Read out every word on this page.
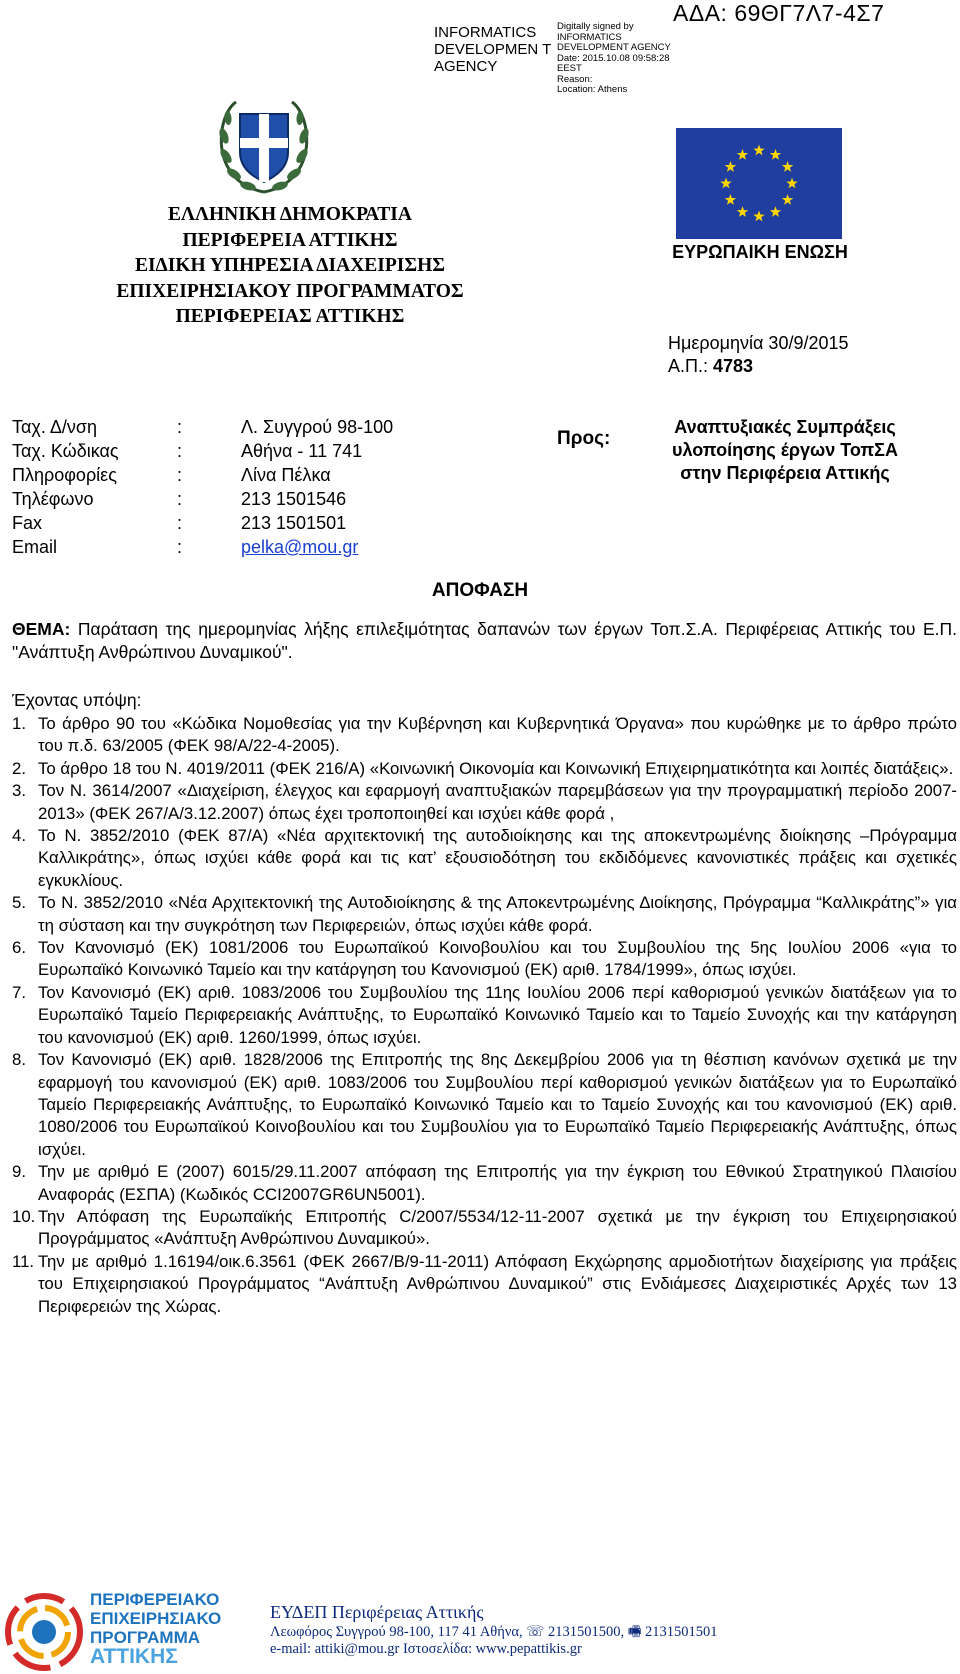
INFORMATICS DEVELOPMEN T AGENCY
Digitally signed by
INFORMATICS
DEVELOPMENT AGENCY
Date: 2015.10.08 09:58:28
EEST
Reason:
Location: Athens
ΑΔΑ: 69ΘΓ7Λ7-4Σ7
ΕΛΛΗΝΙΚΗ ΔΗΜΟΚΡΑΤΙΑ
ΠΕΡΙΦΕΡΕΙΑ ΑΤΤΙΚΗΣ
ΕΙΔΙΚΗ ΥΠΗΡΕΣΙΑ ΔΙΑΧΕΙΡΙΣΗΣ
ΕΠΙΧΕΙΡΗΣΙΑΚΟΥ ΠΡΟΓΡΑΜΜΑΤΟΣ
ΠΕΡΙΦΕΡΕΙΑΣ ΑΤΤΙΚΗΣ
ΕΥΡΩΠΑΙΚΗ ΕΝΩΣΗ
Ημερομηνία 30/9/2015
Α.Π.: 4783
Ταχ. Δ/νση	:	Λ. Συγγρού 98-100
Ταχ. Κώδικας	:	Αθήνα - 11 741
Πληροφορίες	:	Λίνα Πέλκα
Τηλέφωνο	:	213 1501546
Fax	:	213 1501501
Email	:	pelka@mou.gr
Προς:
Αναπτυξιακές Συμπράξεις
υλοποίησης έργων ΤοπΣΑ
στην Περιφέρεια Αττικής
ΑΠΟΦΑΣΗ
ΘΕΜΑ: Παράταση της ημερομηνίας λήξης επιλεξιμότητας δαπανών των έργων Τοπ.Σ.Α. Περιφέρειας Αττικής του Ε.Π. "Ανάπτυξη Ανθρώπινου Δυναμικού".
Έχοντας υπόψη:
1. Το άρθρο 90 του «Κώδικα Νομοθεσίας για την Κυβέρνηση και Κυβερνητικά Όργανα» που κυρώθηκε με το άρθρο πρώτο του π.δ. 63/2005 (ΦΕΚ 98/Α/22-4-2005).
2. Το άρθρο 18 του Ν. 4019/2011 (ΦΕΚ 216/Α) «Κοινωνική Οικονομία και Κοινωνική Επιχειρηματικότητα και λοιπές διατάξεις».
3. Τον Ν. 3614/2007 «Διαχείριση, έλεγχος και εφαρμογή αναπτυξιακών παρεμβάσεων για την προγραμματική περίοδο 2007- 2013» (ΦΕΚ 267/Α/3.12.2007) όπως έχει τροποποιηθεί και ισχύει κάθε φορά ,
4. Το Ν. 3852/2010 (ΦΕΚ 87/Α) «Νέα αρχιτεκτονική της αυτοδιοίκησης και της αποκεντρωμένης διοίκησης –Πρόγραμμα Καλλικράτης», όπως ισχύει κάθε φορά και τις κατ’ εξουσιοδότηση του εκδιδόμενες κανονιστικές πράξεις και σχετικές εγκυκλίους.
5. Το Ν. 3852/2010 «Νέα Αρχιτεκτονική της Αυτοδιοίκησης & της Αποκεντρωμένης Διοίκησης, Πρόγραμμα “Καλλικράτης”» για τη σύσταση και την συγκρότηση των Περιφερειών, όπως ισχύει κάθε φορά.
6. Τον Κανονισμό (ΕΚ) 1081/2006 του Ευρωπαϊκού Κοινοβουλίου και του Συμβουλίου της 5ης Ιουλίου 2006 «για το Ευρωπαϊκό Κοινωνικό Ταμείο και την κατάργηση του Κανονισμού (ΕΚ) αριθ. 1784/1999», όπως ισχύει.
7. Τον Κανονισμό (ΕΚ) αριθ. 1083/2006 του Συμβουλίου της 11ης Ιουλίου 2006 περί καθορισμού γενικών διατάξεων για το Ευρωπαϊκό Ταμείο Περιφερειακής Ανάπτυξης, το Ευρωπαϊκό Κοινωνικό Ταμείο και το Ταμείο Συνοχής και την κατάργηση του κανονισμού (ΕΚ) αριθ. 1260/1999, όπως ισχύει.
8. Τον Κανονισμό (ΕΚ) αριθ. 1828/2006 της Επιτροπής της 8ης Δεκεμβρίου 2006 για τη θέσπιση κανόνων σχετικά με την εφαρμογή του κανονισμού (ΕΚ) αριθ. 1083/2006 του Συμβουλίου περί καθορισμού γενικών διατάξεων για το Ευρωπαϊκό Ταμείο Περιφερειακής Ανάπτυξης, το Ευρωπαϊκό Κοινωνικό Ταμείο και το Ταμείο Συνοχής και του κανονισμού (ΕΚ) αριθ. 1080/2006 του Ευρωπαϊκού Κοινοβουλίου και του Συμβουλίου για το Ευρωπαϊκό Ταμείο Περιφερειακής Ανάπτυξης, όπως ισχύει.
9. Την με αριθμό Ε (2007) 6015/29.11.2007 απόφαση της Επιτροπής για την έγκριση του Εθνικού Στρατηγικού Πλαισίου Αναφοράς (ΕΣΠΑ) (Κωδικός CCI2007GR6UN5001).
10. Την Απόφαση της Ευρωπαϊκής Επιτροπής C/2007/5534/12-11-2007 σχετικά με την έγκριση του Επιχειρησιακού Προγράμματος «Ανάπτυξη Ανθρώπινου Δυναμικού».
11. Την με αριθμό 1.16194/οικ.6.3561 (ΦΕΚ 2667/Β/9-11-2011) Απόφαση Εκχώρησης αρμοδιοτήτων διαχείρισης για πράξεις του Επιχειρησιακού Προγράμματος “Ανάπτυξη Ανθρώπινου Δυναμικού” στις Ενδιάμεσες Διαχειριστικές Αρχές των 13 Περιφερειών της Χώρας.
ΠΕΡΙΦΕΡΕΙΑΚΟ
ΕΠΙΧΕΙΡΗΣΙΑΚΟ
ΠΡΟΓΡΑΜΜΑ
ΑΤΤΙΚΗΣ
ΕΥΔΕΠ Περιφέρειας Αττικής
Λεωφόρος Συγγρού 98-100, 117 41 Αθήνα, ☏ 2131501500, 🖷 2131501501
e-mail: attiki@mou.gr Ιστοσελίδα: www.pepattikis.gr
